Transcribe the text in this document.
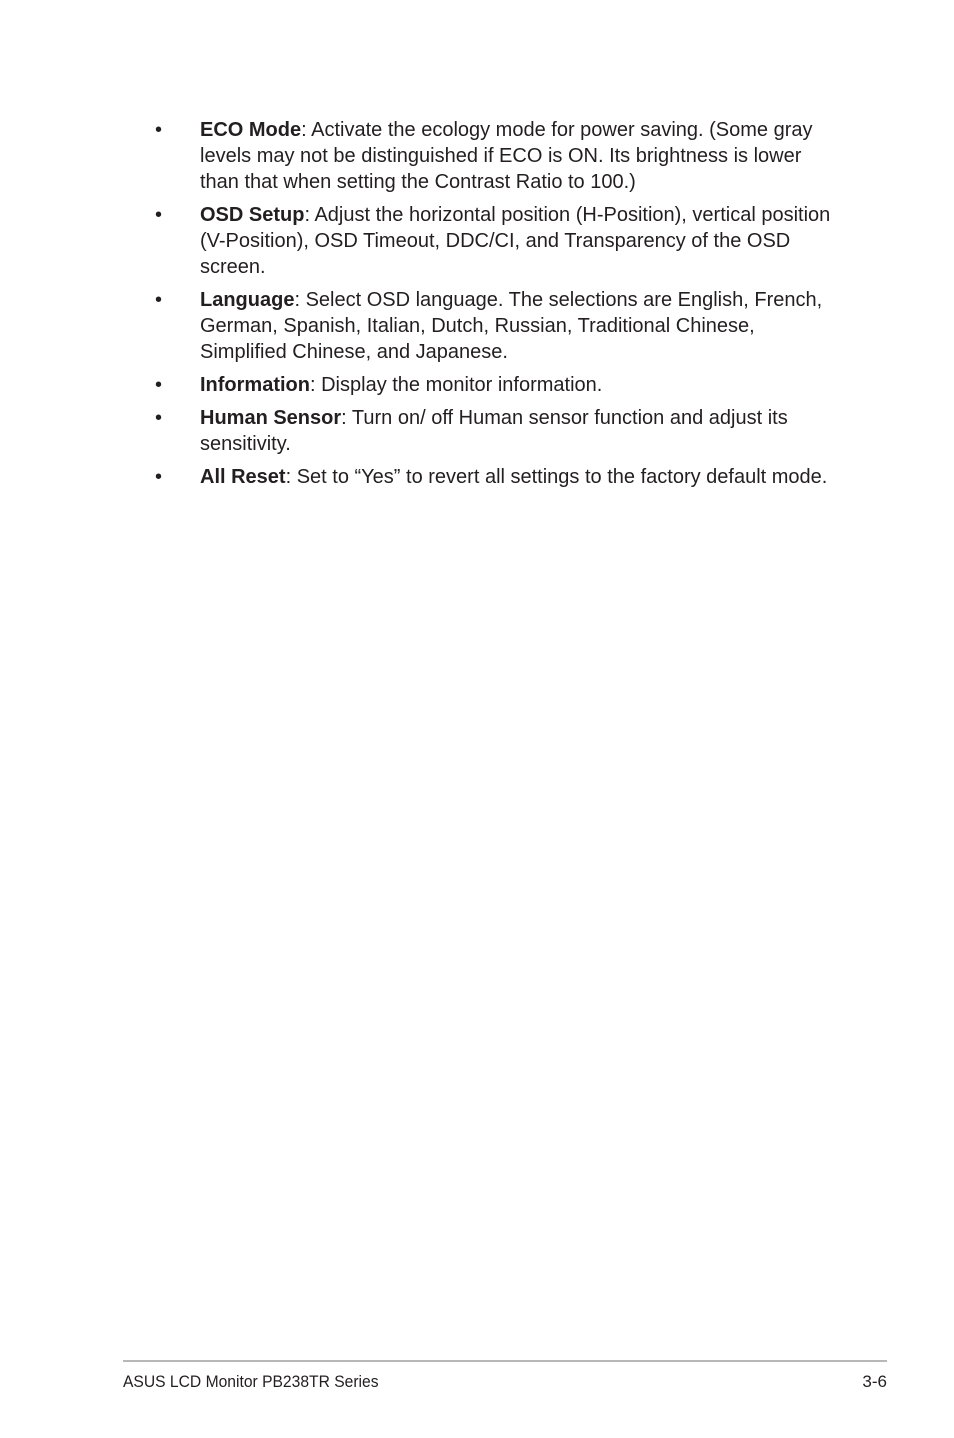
• ECO Mode: Activate the ecology mode for power saving. (Some gray levels may not be distinguished if ECO is ON. Its brightness is lower than that when setting the Contrast Ratio to 100.)
• OSD Setup: Adjust the horizontal position (H-Position), vertical position (V-Position), OSD Timeout, DDC/CI, and Transparency of the OSD screen.
• Language: Select OSD language. The selections are English, French, German, Spanish, Italian, Dutch, Russian, Traditional Chinese, Simplified Chinese, and Japanese.
• Information: Display the monitor information.
• Human Sensor: Turn on/ off Human sensor function and adjust its sensitivity.
• All Reset: Set to “Yes” to revert all settings to the factory default mode.
ASUS LCD Monitor PB238TR Series	3-6
